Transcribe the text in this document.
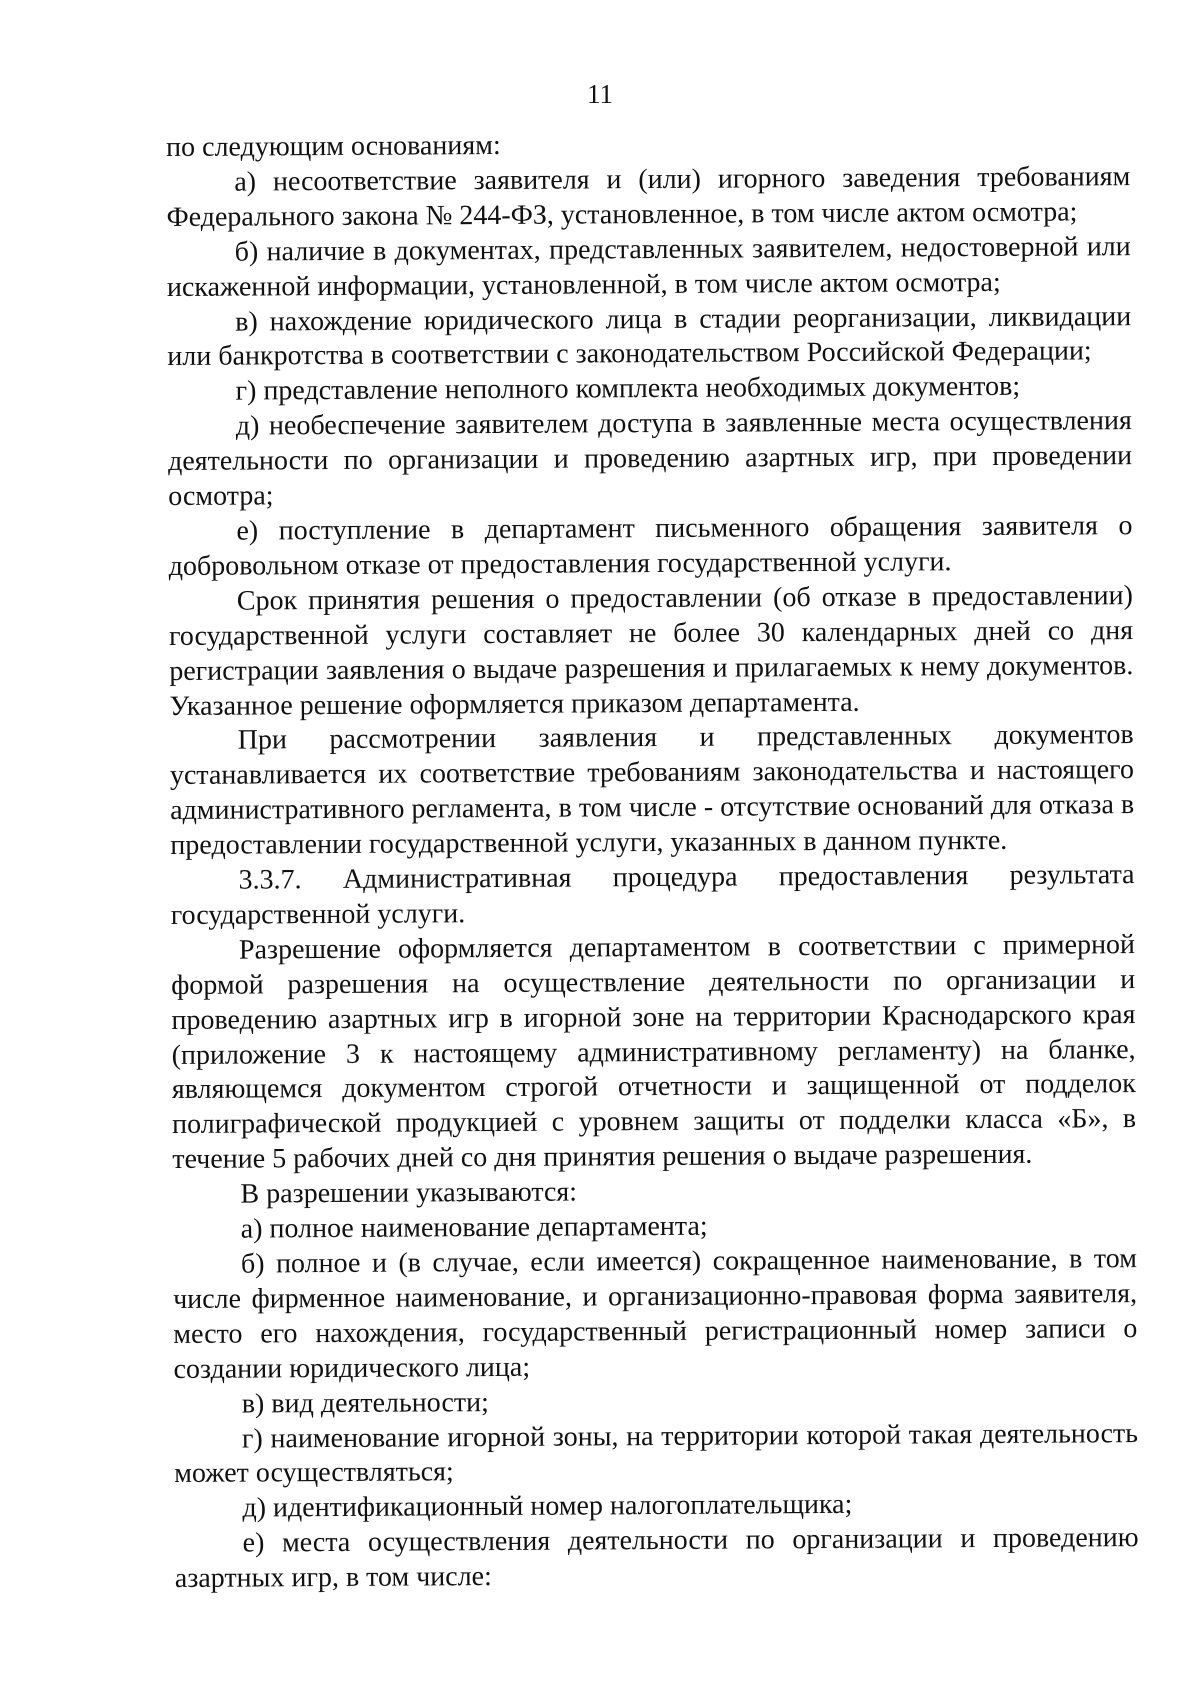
11

по следующим основаниям:

а) несоответствие заявителя и (или) игорного заведения требованиям Федерального закона № 244-ФЗ, установленное, в том числе актом осмотра;

б) наличие в документах, представленных заявителем, недостоверной или искаженной информации, установленной, в том числе актом осмотра;

в) нахождение юридического лица в стадии реорганизации, ликвидации или банкротства в соответствии с законодательством Российской Федерации;

г) представление неполного комплекта необходимых документов;

д) необеспечение заявителем доступа в заявленные места осуществления деятельности по организации и проведению азартных игр, при проведении осмотра;

е) поступление в департамент письменного обращения заявителя о добровольном отказе от предоставления государственной услуги.

Срок принятия решения о предоставлении (об отказе в предоставлении) государственной услуги составляет не более 30 календарных дней со дня регистрации заявления о выдаче разрешения и прилагаемых к нему документов. Указанное решение оформляется приказом департамента.

При рассмотрении заявления и представленных документов устанавливается их соответствие требованиям законодательства и настоящего административного регламента, в том числе - отсутствие оснований для отказа в предоставлении государственной услуги, указанных в данном пункте.

3.3.7. Административная процедура предоставления результата государственной услуги.

Разрешение оформляется департаментом в соответствии с примерной формой разрешения на осуществление деятельности по организации и проведению азартных игр в игорной зоне на территории Краснодарского края (приложение 3 к настоящему административному регламенту) на бланке, являющемся документом строгой отчетности и защищенной от подделок полиграфической продукцией с уровнем защиты от подделки класса «Б», в течение 5 рабочих дней со дня принятия решения о выдаче разрешения.

В разрешении указываются:

а) полное наименование департамента;

б) полное и (в случае, если имеется) сокращенное наименование, в том числе фирменное наименование, и организационно-правовая форма заявителя, место его нахождения, государственный регистрационный номер записи о создании юридического лица;

в) вид деятельности;

г) наименование игорной зоны, на территории которой такая деятельность может осуществляться;

д) идентификационный номер налогоплательщика;

е) места осуществления деятельности по организации и проведению азартных игр, в том числе:
